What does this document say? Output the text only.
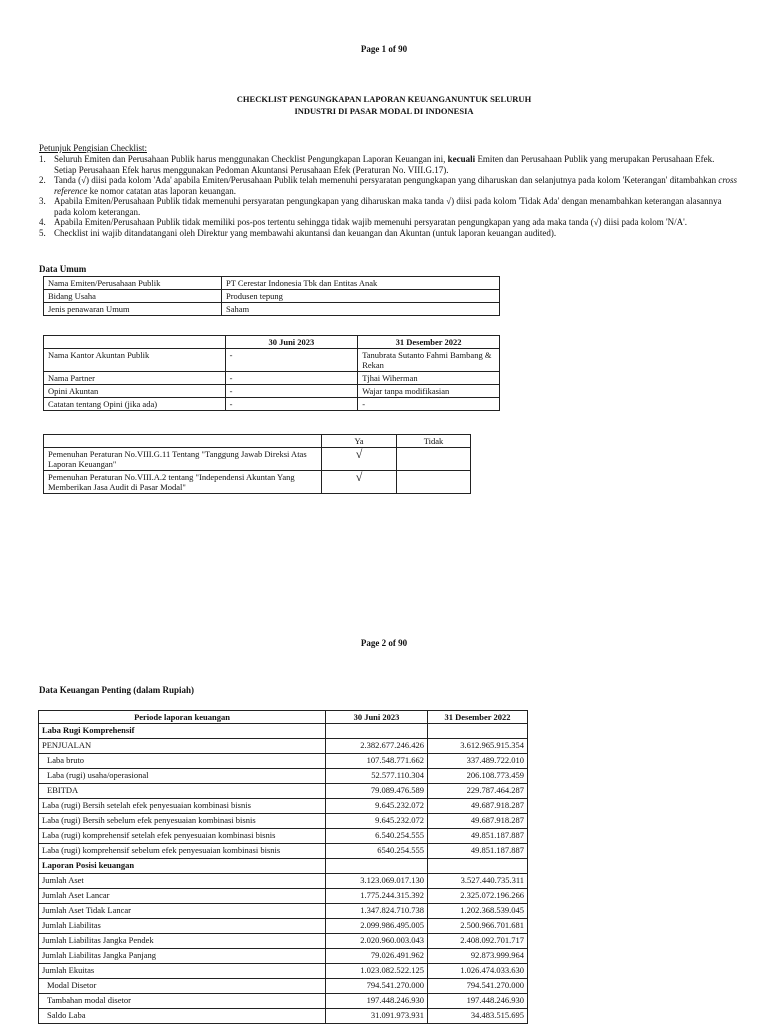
Page 1 of 90
CHECKLIST PENGUNGKAPAN LAPORAN KEUANGANUNTUK SELURUH
INDUSTRI DI PASAR MODAL DI INDONESIA
Petunjuk Pengisian Checklist:
1. Seluruh Emiten dan Perusahaan Publik harus menggunakan Checklist Pengungkapan Laporan Keuangan ini, kecuali Emiten dan Perusahaan Publik yang merupakan Perusahaan Efek. Setiap Perusahaan Efek harus menggunakan Pedoman Akuntansi Perusahaan Efek (Peraturan No. VIII.G.17).
2. Tanda (√) diisi pada kolom 'Ada' apabila Emiten/Perusahaan Publik telah memenuhi persyaratan pengungkapan yang diharuskan dan selanjutnya pada kolom 'Keterangan' ditambahkan cross reference ke nomor catatan atas laporan keuangan.
3. Apabila Emiten/Perusahaan Publik tidak memenuhi persyaratan pengungkapan yang diharuskan maka tanda √) diisi pada kolom 'Tidak Ada' dengan menambahkan keterangan alasannya pada kolom keterangan.
4. Apabila Emiten/Perusahaan Publik tidak memiliki pos-pos tertentu sehingga tidak wajib memenuhi persyaratan pengungkapan yang ada maka tanda (√) diisi pada kolom 'N/A'.
5. Checklist ini wajib ditandatangani oleh Direktur yang membawahi akuntansi dan keuangan dan Akuntan (untuk laporan keuangan audited).
Data Umum
Nama Emiten/Perusahaan Publik	PT Cerestar Indonesia Tbk dan Entitas Anak
Bidang Usaha	Produsen tepung
Jenis penawaran Umum	Saham
	30 Juni 2023	31 Desember 2022
Nama Kantor Akuntan Publik	-	Tanubrata Sutanto Fahmi Bambang & Rekan
Nama Partner	-	Tjhai Wiherman
Opini Akuntan	-	Wajar tanpa modifikasian
Catatan tentang Opini (jika ada)	-	-
	Ya	Tidak
Pemenuhan Peraturan No.VIII.G.11 Tentang "Tanggung Jawab Direksi Atas Laporan Keuangan"	√	
Pemenuhan Peraturan No.VIII.A.2 tentang "Independensi Akuntan Yang Memberikan Jasa Audit di Pasar Modal"	√	
Page 2 of 90
Data Keuangan Penting (dalam Rupiah)
Periode laporan keuangan	30 Juni 2023	31 Desember 2022
Laba Rugi Komprehensif		
PENJUALAN	2.382.677.246.426	3.612.965.915.354
Laba bruto	107.548.771.662	337.489.722.010
Laba (rugi) usaha/operasional	52.577.110.304	206.108.773.459
EBITDA	79.089.476.589	229.787.464.287
Laba (rugi) Bersih setelah efek penyesuaian kombinasi bisnis	9.645.232.072	49.687.918.287
Laba (rugi) Bersih sebelum efek penyesuaian kombinasi bisnis	9.645.232.072	49.687.918.287
Laba (rugi) komprehensif setelah efek penyesuaian kombinasi bisnis	6.540.254.555	49.851.187.887
Laba (rugi) komprehensif sebelum efek penyesuaian kombinasi bisnis	6540.254.555	49.851.187.887
Laporan Posisi keuangan		
Jumlah Aset	3.123.069.017.130	3.527.440.735.311
Jumlah Aset Lancar	1.775.244.315.392	2.325.072.196.266
Jumlah Aset Tidak Lancar	1.347.824.710.738	1.202.368.539.045
Jumlah Liabilitas	2.099.986.495.005	2.500.966.701.681
Jumlah Liabilitas Jangka Pendek	2.020.960.003.043	2.408.092.701.717
Jumlah Liabilitas Jangka Panjang	79.026.491.962	92.873.999.964
Jumlah Ekuitas	1.023.082.522.125	1.026.474.033.630
Modal Disetor	794.541.270.000	794.541.270.000
Tambahan modal disetor	197.448.246.930	197.448.246.930
Saldo Laba	31.091.973.931	34.483.515.695
